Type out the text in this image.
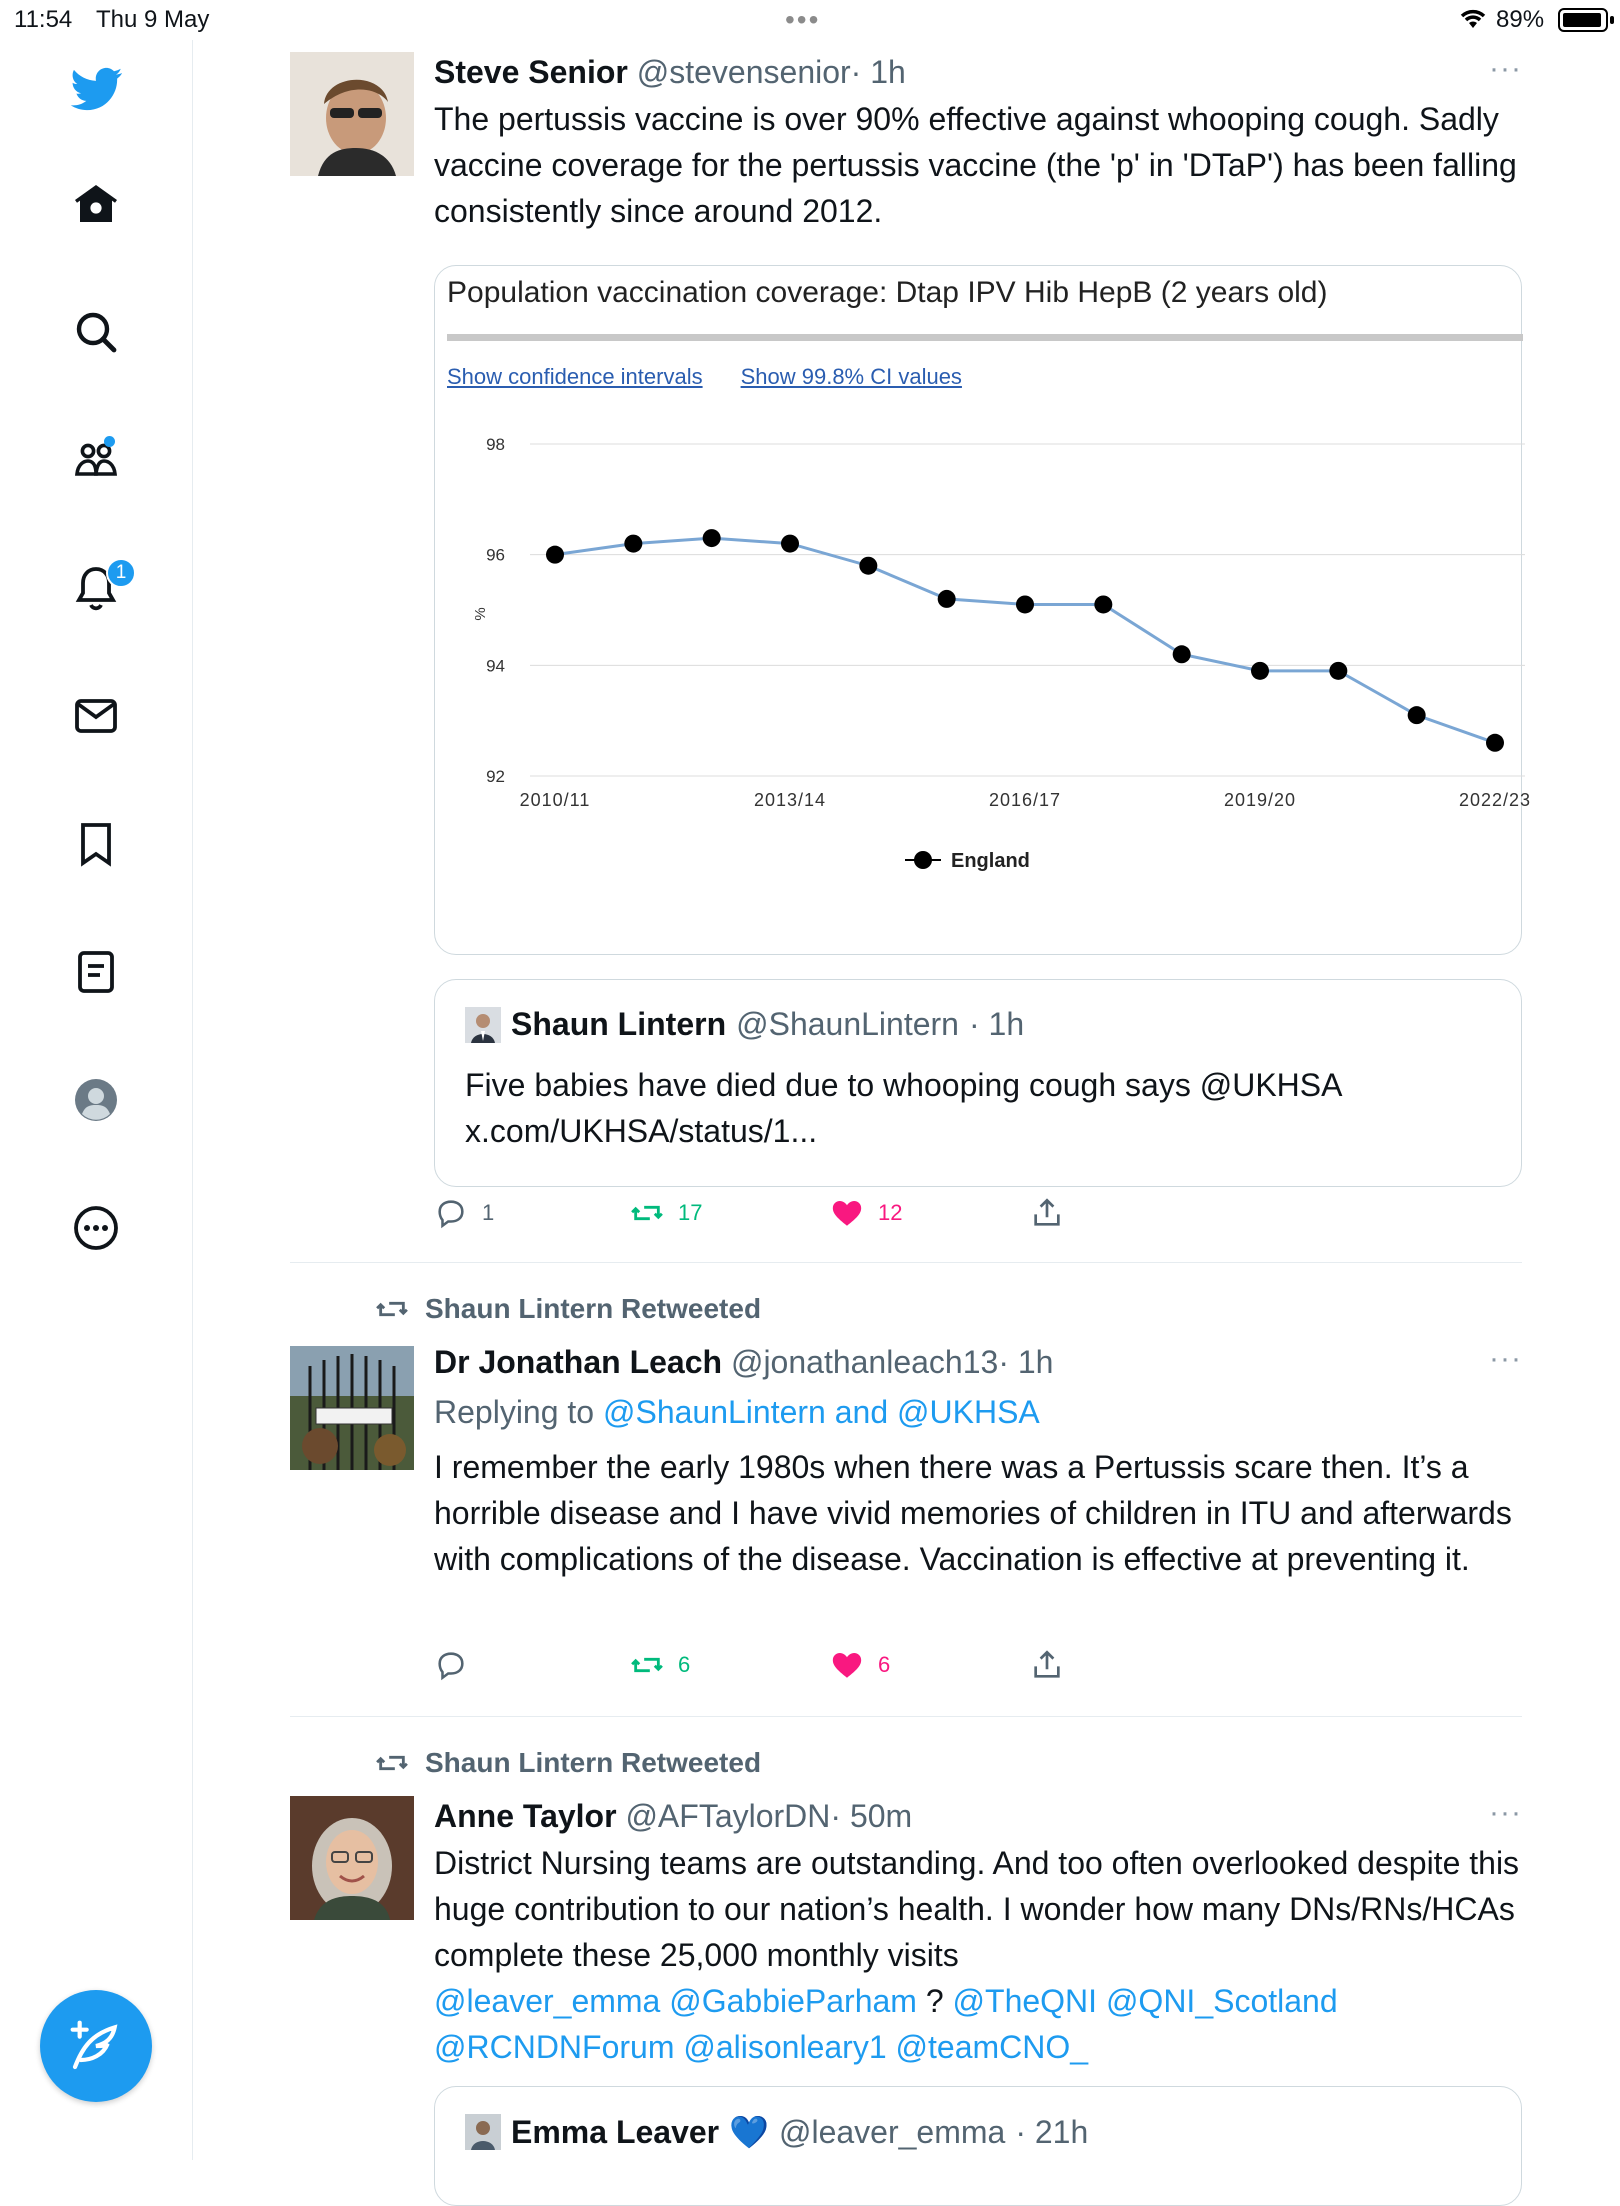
11:54 Thu 9 May	•••	89%
1
Steve Senior @stevensenior· 1h	···
The pertussis vaccine is over 90% effective against whooping cough. Sadly vaccine coverage for the pertussis vaccine (the 'p' in 'DTaP') has been falling consistently since around 2012.
Population vaccination coverage: Dtap IPV Hib HepB (2 years old)
Show confidence intervals Show 99.8% CI values
92
94
96
98
%
2010/11	2013/14	2016/17	2019/20	2022/23
England
Shaun Lintern @ShaunLintern · 1h
Five babies have died due to whooping cough says @UKHSA x.com/UKHSA/status/1...
1	17	12
Shaun Lintern Retweeted
Dr Jonathan Leach @jonathanleach13· 1h	···
Replying to @ShaunLintern and @UKHSA
I remember the early 1980s when there was a Pertussis scare then. It’s a horrible disease and I have vivid memories of children in ITU and afterwards with complications of the disease. Vaccination is effective at preventing it.
6	6
Shaun Lintern Retweeted
Anne Taylor @AFTaylorDN· 50m	···
District Nursing teams are outstanding. And too often overlooked despite this huge contribution to our nation’s health. I wonder how many DNs/RNs/HCAs complete these 25,000 monthly visits
@leaver_emma @GabbieParham ? @TheQNI @QNI_Scotland
@RCNDNForum @alisonleary1 @teamCNO_
Emma Leaver 💙 @leaver_emma · 21h
